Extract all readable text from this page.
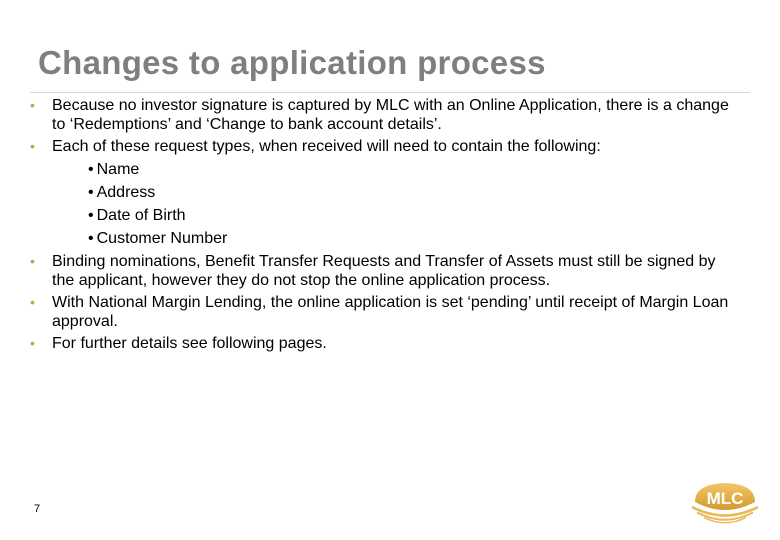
Changes to application process
• Because no investor signature is captured by MLC with an Online Application, there is a change to ‘Redemptions’ and ‘Change to bank account details’.
• Each of these request types, when received will need to contain the following:
• Name
• Address
• Date of Birth
• Customer Number
• Binding nominations, Benefit Transfer Requests and Transfer of Assets must still be signed by the applicant, however they do not stop the online application process.
• With National Margin Lending, the online application is set ‘pending’ until receipt of Margin Loan approval.
• For further details see following pages.
7
MLC
